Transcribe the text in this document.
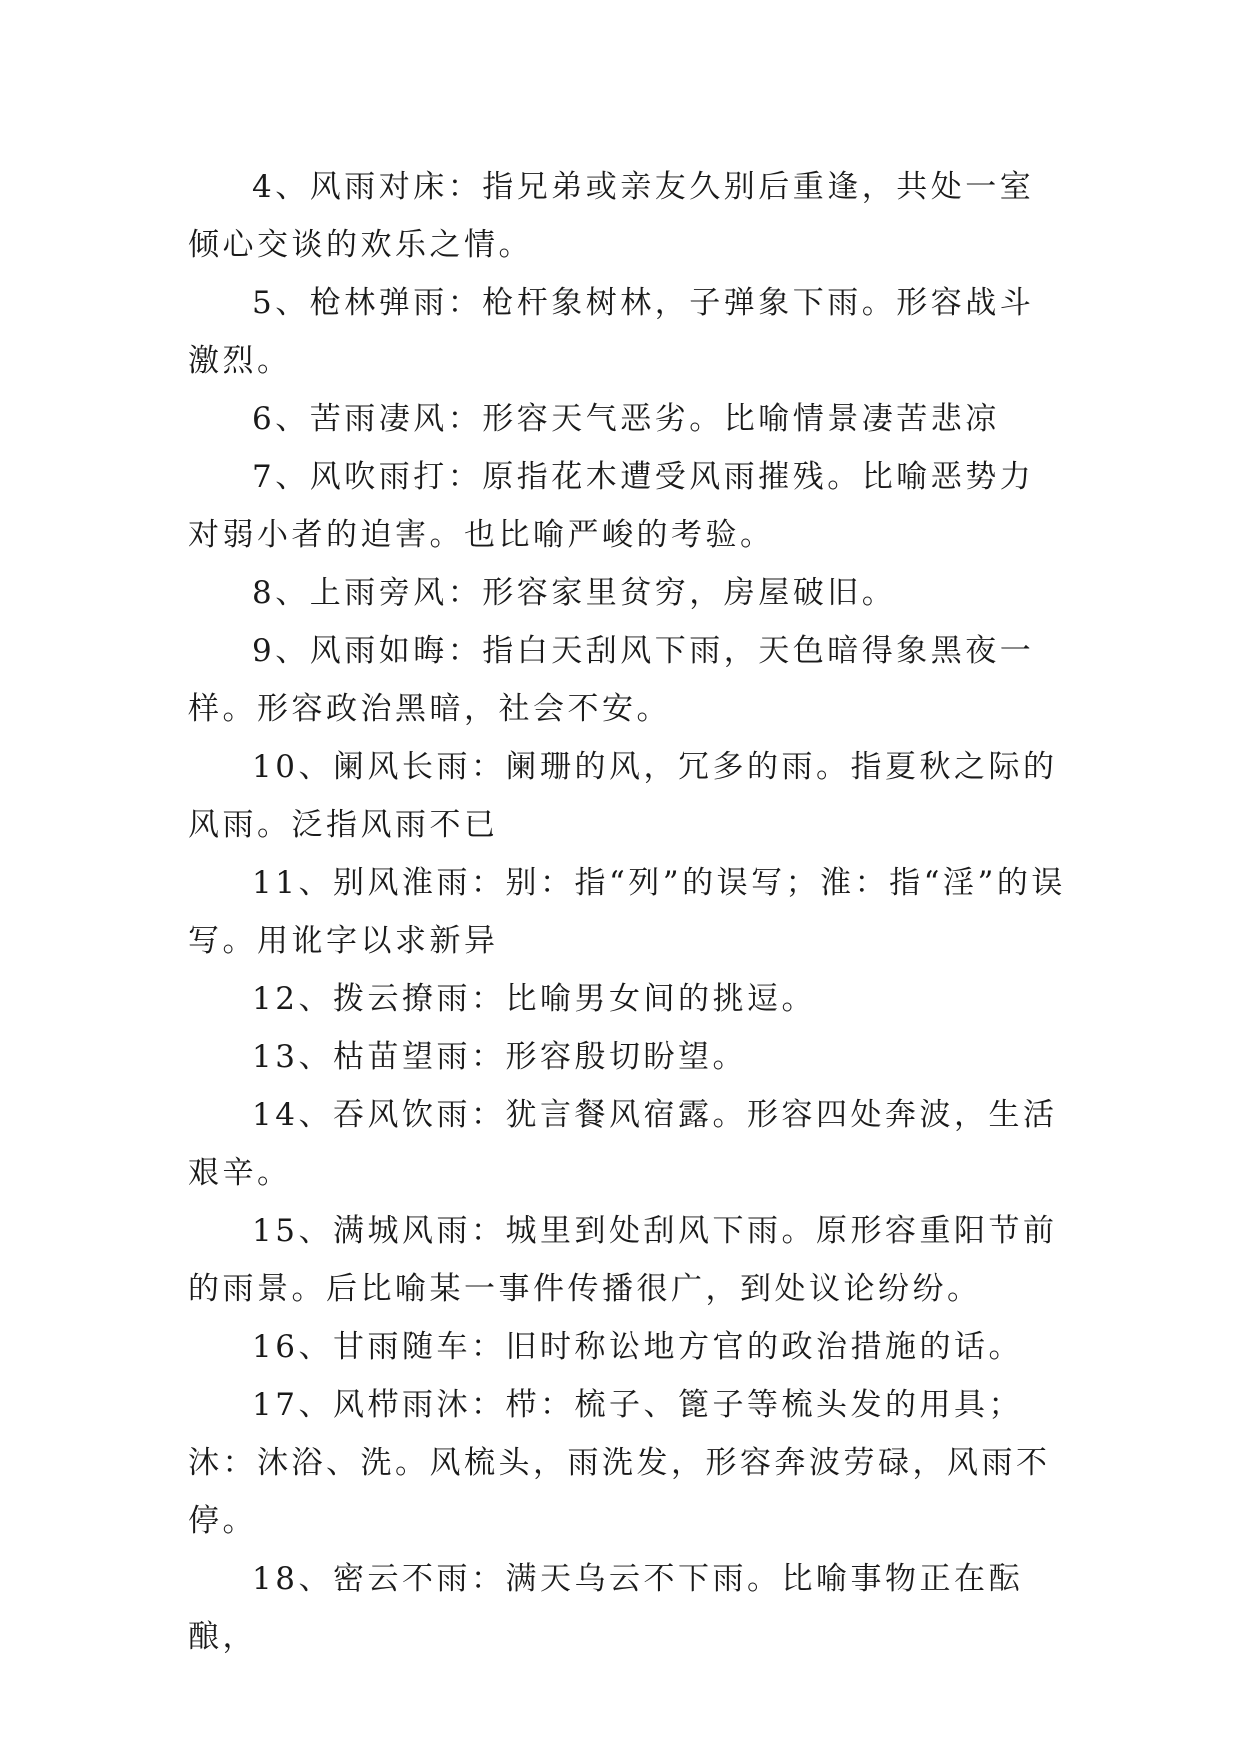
4、风雨对床：指兄弟或亲友久别后重逢，共处一室倾心交谈的欢乐之情。

5、枪林弹雨：枪杆象树林，子弹象下雨。形容战斗激烈。

6、苦雨凄风：形容天气恶劣。比喻情景凄苦悲凉

7、风吹雨打：原指花木遭受风雨摧残。比喻恶势力对弱小者的迫害。也比喻严峻的考验。

8、上雨旁风：形容家里贫穷，房屋破旧。

9、风雨如晦：指白天刮风下雨，天色暗得象黑夜一样。形容政治黑暗，社会不安。

10、阑风长雨：阑珊的风，冗多的雨。指夏秋之际的风雨。泛指风雨不已

11、别风淮雨：别：指“列”的误写；淮：指“淫”的误写。用讹字以求新异

12、拨云撩雨：比喻男女间的挑逗。

13、枯苗望雨：形容殷切盼望。

14、吞风饮雨：犹言餐风宿露。形容四处奔波，生活艰辛。

15、满城风雨：城里到处刮风下雨。原形容重阳节前的雨景。后比喻某一事件传播很广，到处议论纷纷。

16、甘雨随车：旧时称讼地方官的政治措施的话。

17、风栉雨沐：栉：梳子、篦子等梳头发的用具；沐：沐浴、洗。风梳头，雨洗发，形容奔波劳碌，风雨不停。

18、密云不雨：满天乌云不下雨。比喻事物正在酝酿，
